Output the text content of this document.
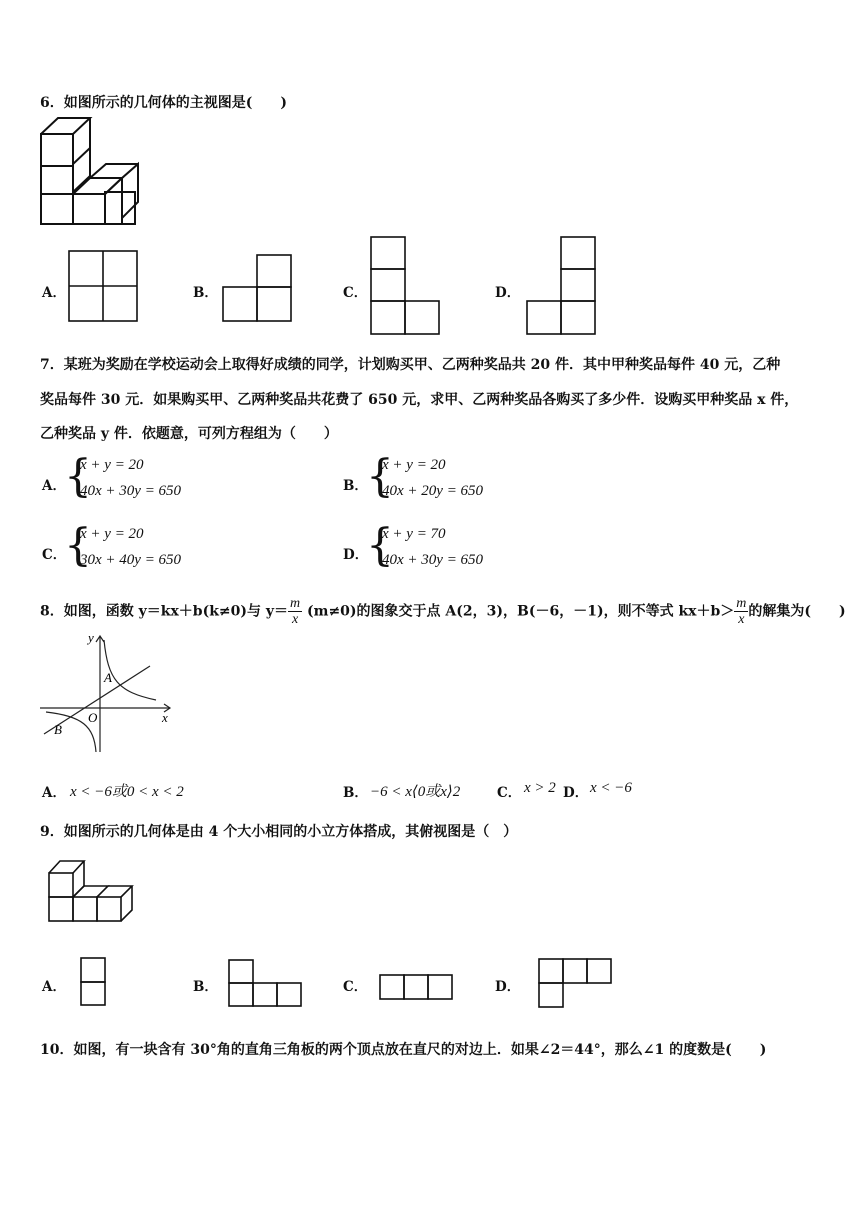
6．如图所示的几何体的主视图是(　　)
A．	B．	C．	D．
7．某班为奖励在学校运动会上取得好成绩的同学，计划购买甲、乙两种奖品共 20 件．其中甲种奖品每件 40 元，乙种
奖品每件 30 元．如果购买甲、乙两种奖品共花费了 650 元，求甲、乙两种奖品各购买了多少件．设购买甲种奖品 x 件，
乙种奖品 y 件．依题意，可列方程组为（　　）
A．
{
x + y = 20
40x + 30y = 650	B．
{
x + y = 20
40x + 20y = 650
C．
{
x + y = 20
30x + 40y = 650	D．
{
x + y = 70
40x + 30y = 650
8．如图，函数 y＝kx＋b(k≠0)与 $y= \frac{m}{x} (m\ne 0)$的图象交于点 A(2，3)，B(－6，－1)，则不等式 $kx+b> \frac{m}{x}$ 的解集为(　　)
y
x
O
A
B
A． x < −6或0 < x < 2	B． −6 < x⟨0或x⟩2	C． x > 2 D． x < −6
9．如图所示的几何体是由 4 个大小相同的小立方体搭成，其俯视图是（　）
A．	B．	C．	D．
10．如图，有一块含有 30°角的直角三角板的两个顶点放在直尺的对边上．如果∠2＝44°，那么∠1 的度数是(　　)
